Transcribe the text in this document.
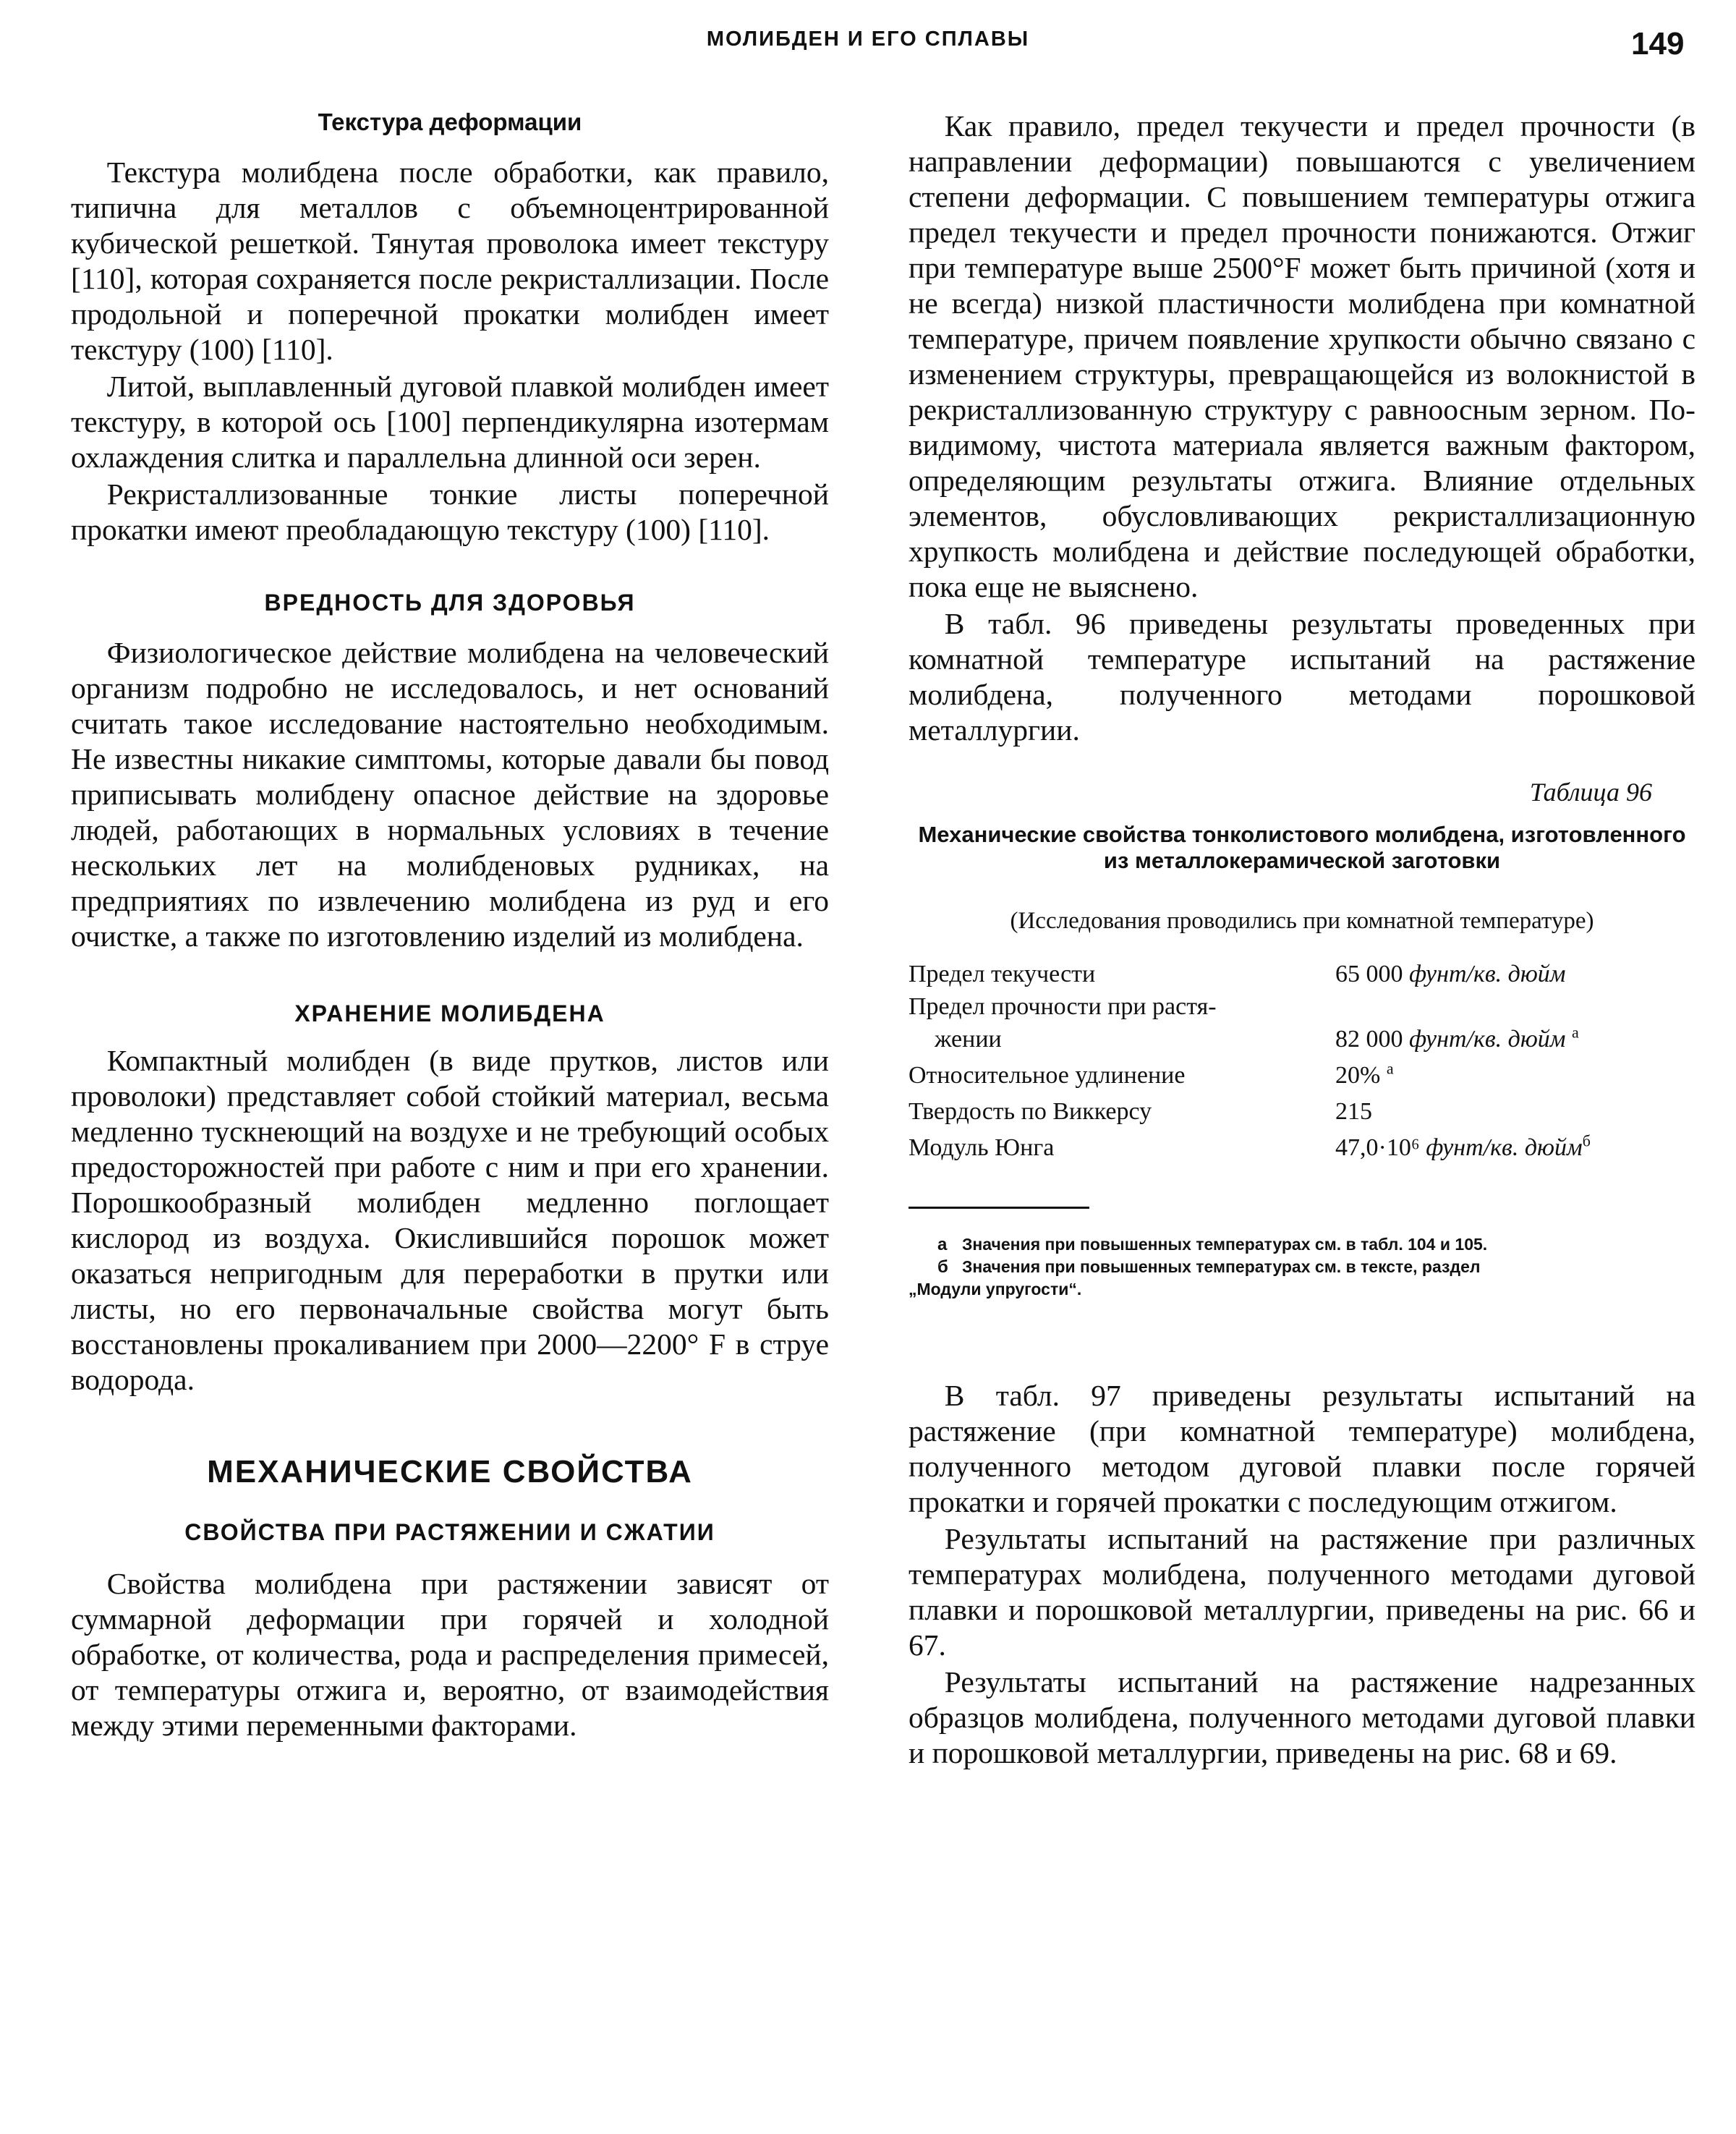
МОЛИБДЕН И ЕГО СПЛАВЫ	149
Текстура деформации

Текстура молибдена после обработки, как правило, типична для металлов с объемноцентрированной кубической решеткой. Тянутая проволока имеет текстуру [110], которая сохраняется после рекристаллизации. После продольной и поперечной прокатки молибден имеет текстуру (100) [110].

Литой, выплавленный дуговой плавкой молибден имеет текстуру, в которой ось [100] перпендикулярна изотермам охлаждения слитка и параллельна длинной оси зерен.

Рекристаллизованные тонкие листы поперечной прокатки имеют преобладающую текстуру (100) [110].

ВРЕДНОСТЬ ДЛЯ ЗДОРОВЬЯ

Физиологическое действие молибдена на человеческий организм подробно не исследовалось, и нет оснований считать такое исследование настоятельно необходимым. Не известны никакие симптомы, которые давали бы повод приписывать молибдену опасное действие на здоровье людей, работающих в нормальных условиях в течение нескольких лет на молибденовых рудниках, на предприятиях по извлечению молибдена из руд и его очистке, а также по изготовлению изделий из молибдена.

ХРАНЕНИЕ МОЛИБДЕНА

Компактный молибден (в виде прутков, листов или проволоки) представляет собой стойкий материал, весьма медленно тускнеющий на воздухе и не требующий особых предосторожностей при работе с ним и при его хранении. Порошкообразный молибден медленно поглощает кислород из воздуха. Окислившийся порошок может оказаться непригодным для переработки в прутки или листы, но его первоначальные свойства могут быть восстановлены прокаливанием при 2000—2200° F в струе водорода.

МЕХАНИЧЕСКИЕ СВОЙСТВА
СВОЙСТВА ПРИ РАСТЯЖЕНИИ И СЖАТИИ

Свойства молибдена при растяжении зависят от суммарной деформации при горячей и холодной обработке, от количества, рода и распределения примесей, от температуры отжига и, вероятно, от взаимодействия между этими переменными факторами.

Как правило, предел текучести и предел прочности (в направлении деформации) повышаются с увеличением степени деформации. С повышением температуры отжига предел текучести и предел прочности понижаются. Отжиг при температуре выше 2500°F может быть причиной (хотя и не всегда) низкой пластичности молибдена при комнатной температуре, причем появление хрупкости обычно связано с изменением структуры, превращающейся из волокнистой в рекристаллизованную структуру с равноосным зерном. По-видимому, чистота материала является важным фактором, определяющим результаты отжига. Влияние отдельных элементов, обусловливающих рекристаллизационную хрупкость молибдена и действие последующей обработки, пока еще не выяснено.

В табл. 96 приведены результаты проведенных при комнатной температуре испытаний на растяжение молибдена, полученного методами порошковой металлургии.

Таблица 96

Механические свойства тонколистового молибдена, изготовленного из металлокерамической заготовки

(Исследования проводились при комнатной температуре)

Предел текучести	65 000 фунт/кв. дюйм

Предел прочности при растя-
жении	82 000 фунт/кв. дюйм $^а$
Относительное удлинение	20% $^а$
Твердость по Виккерсу	215
Модуль Юнга	47,0·10⁶ фунт/кв. дюйм$^б$

а Значения при повышенных температурах см. в табл. 104 и 105.

б Значения при повышенных температурах см. в тексте, раздел
„Модули упругости“.

В табл. 97 приведены результаты испытаний на растяжение (при комнатной температуре) молибдена, полученного методом дуговой плавки после горячей прокатки и горячей прокатки с последующим отжигом.

Результаты испытаний на растяжение при различных температурах молибдена, полученного методами дуговой плавки и порошковой металлургии, приведены на рис. 66 и 67.

Результаты испытаний на растяжение надрезанных образцов молибдена, полученного методами дуговой плавки и порошковой металлургии, приведены на рис. 68 и 69.
